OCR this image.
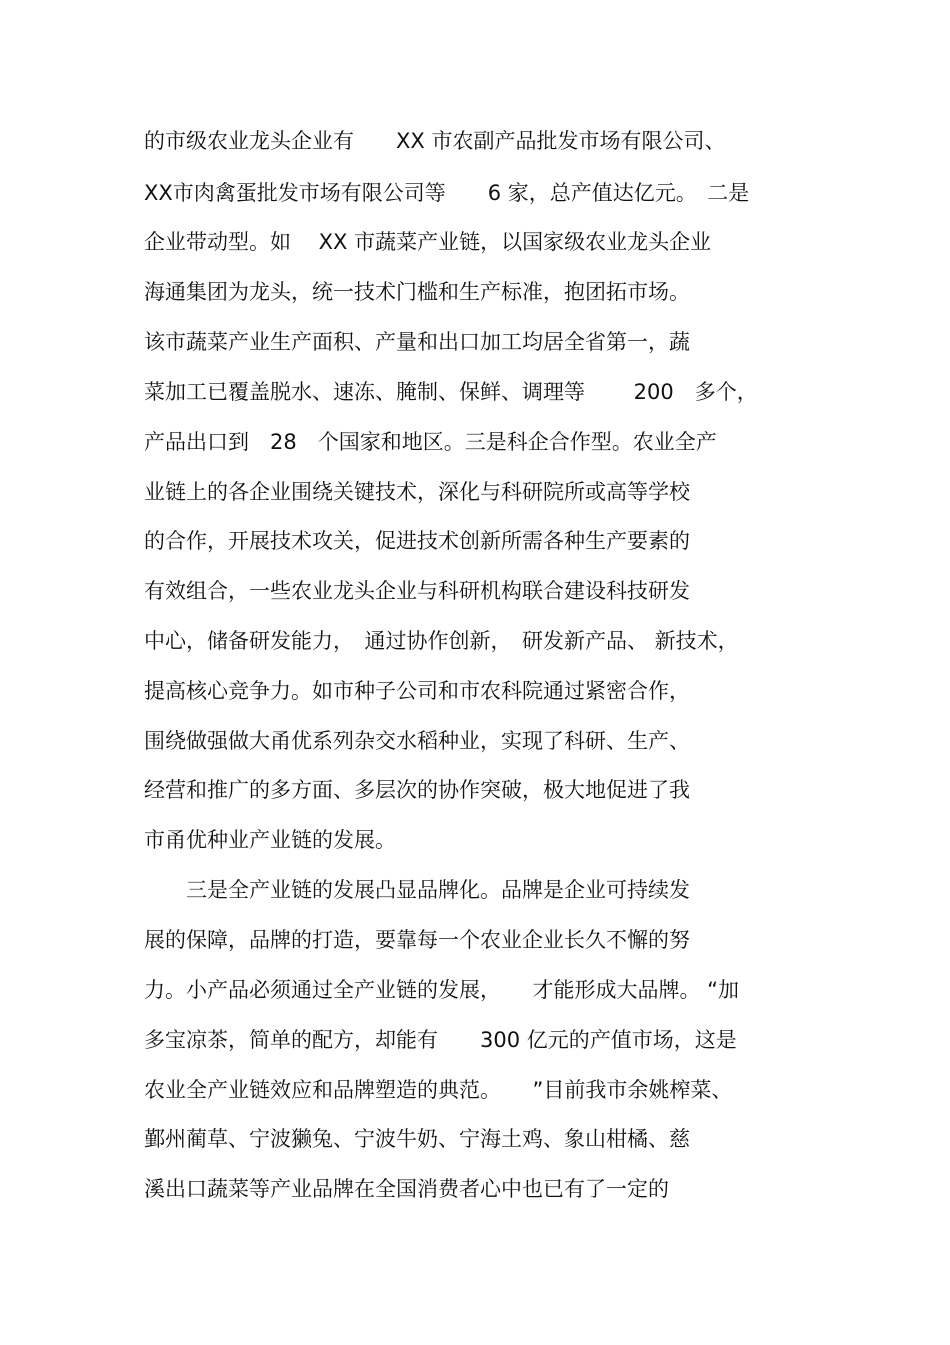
的市级农业龙头企业有　　XX 市农副产品批发市场有限公司、
XX市肉禽蛋批发市场有限公司等　　6 家，总产值达亿元。　二是
企业带动型。如　 XX 市蔬菜产业链，以国家级农业龙头企业
海通集团为龙头，统一技术门槛和生产标准，抱团拓市场。
该市蔬菜产业生产面积、产量和出口加工均居全省第一，蔬
菜加工已覆盖脱水、速冻、腌制、保鲜、调理等　　 200　多个，
产品出口到　28　个国家和地区。三是科企合作型。农业全产
业链上的各企业围绕关键技术，深化与科研院所或高等学校
的合作，开展技术攻关，促进技术创新所需各种生产要素的
有效组合，一些农业龙头企业与科研机构联合建设科技研发
中心，储备研发能力，　通过协作创新，　研发新产品、 新技术，
提高核心竞争力。如市种子公司和市农科院通过紧密合作，
围绕做强做大甬优系列杂交水稻种业，实现了科研、生产、
经营和推广的多方面、多层次的协作突破，极大地促进了我
市甬优种业产业链的发展。
　　三是全产业链的发展凸显品牌化。品牌是企业可持续发
展的保障，品牌的打造，要靠每一个农业企业长久不懈的努
力。小产品必须通过全产业链的发展，　　才能形成大品牌。 “加
多宝凉茶，简单的配方，却能有　　300 亿元的产值市场，这是
农业全产业链效应和品牌塑造的典范。　　”目前我市余姚榨菜、
鄞州蔺草、宁波獭兔、宁波牛奶、宁海土鸡、象山柑橘、慈
溪出口蔬菜等产业品牌在全国消费者心中也已有了一定的
